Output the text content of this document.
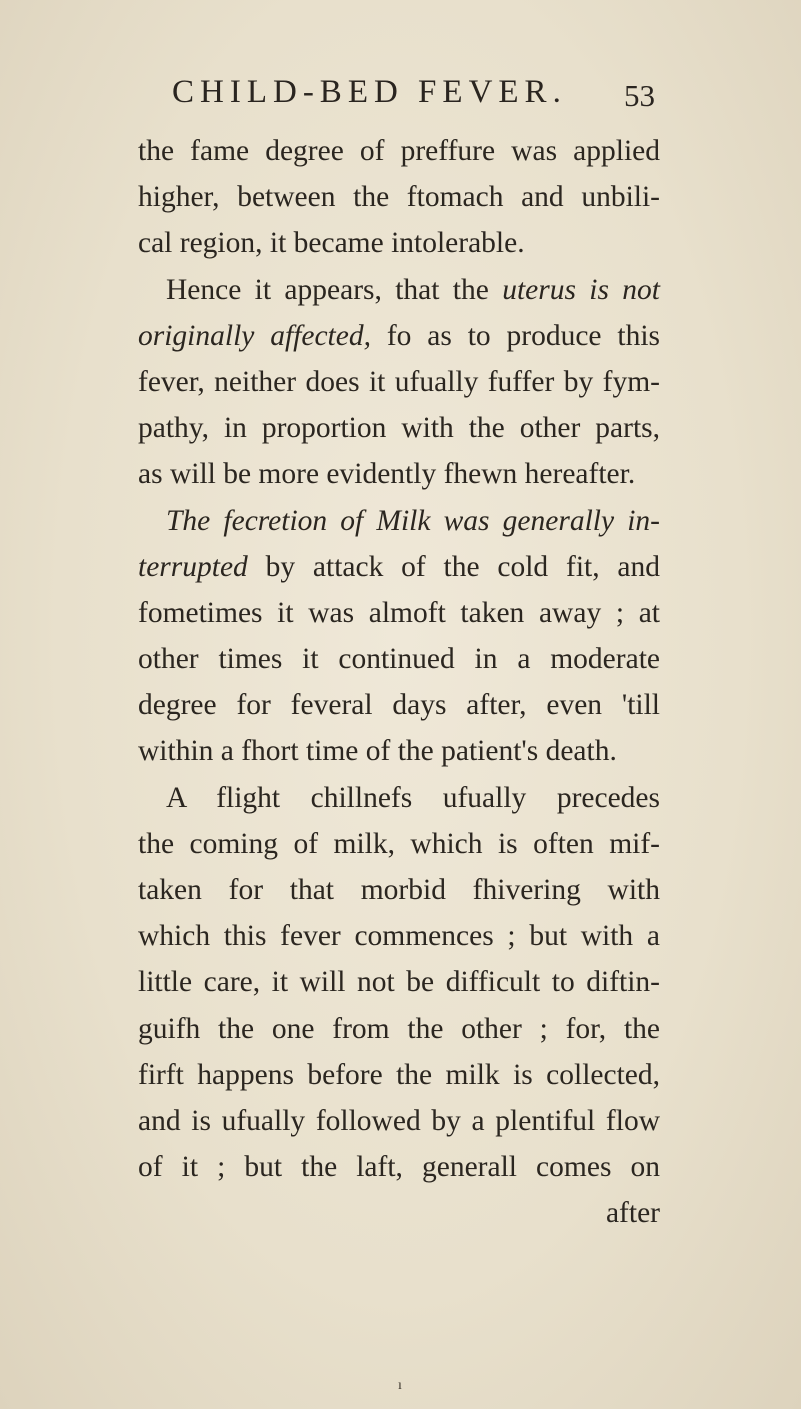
CHILD-BED FEVER. 53
the fame degree of preffure was applied
higher, between the ftomach and unbili-
cal region, it became intolerable.
Hence it appears, that the uterus is not
originally affected, fo as to produce this
fever, neither does it ufually fuffer by fym-
pathy, in proportion with the other parts,
as will be more evidently fhewn hereafter.
The fecretion of Milk was generally in-
terrupted by attack of the cold fit, and
fometimes it was almoft taken away ; at
other times it continued in a moderate
degree for feveral days after, even 'till
within a fhort time of the patient's death.
A flight chillnefs ufually precedes
the coming of milk, which is often mif-
taken for that morbid fhivering with
which this fever commences ; but with a
little care, it will not be difficult to diftin-
guifh the one from the other ; for, the
firft happens before the milk is collected,
and is ufually followed by a plentiful flow
of it ; but the laft, generall comes on
after
ı
